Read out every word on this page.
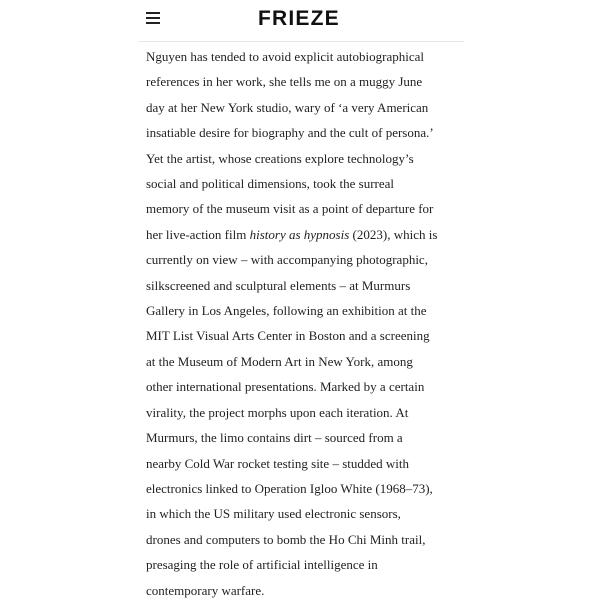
FRIEZE

Nguyen has tended to avoid explicit autobiographical
references in her work, she tells me on a muggy June
day at her New York studio, wary of ‘a very American
insatiable desire for biography and the cult of persona.’
Yet the artist, whose creations explore technology’s
social and political dimensions, took the surreal
memory of the museum visit as a point of departure for
her live-action film history as hypnosis (2023), which is
currently on view – with accompanying photographic,
silkscreened and sculptural elements – at Murmurs
Gallery in Los Angeles, following an exhibition at the
MIT List Visual Arts Center in Boston and a screening
at the Museum of Modern Art in New York, among
other international presentations. Marked by a certain
virality, the project morphs upon each iteration. At
Murmurs, the limo contains dirt – sourced from a
nearby Cold War rocket testing site – studded with
electronics linked to Operation Igloo White (1968–73),
in which the US military used electronic sensors,
drones and computers to bomb the Ho Chi Minh trail,
presaging the role of artificial intelligence in
contemporary warfare.
